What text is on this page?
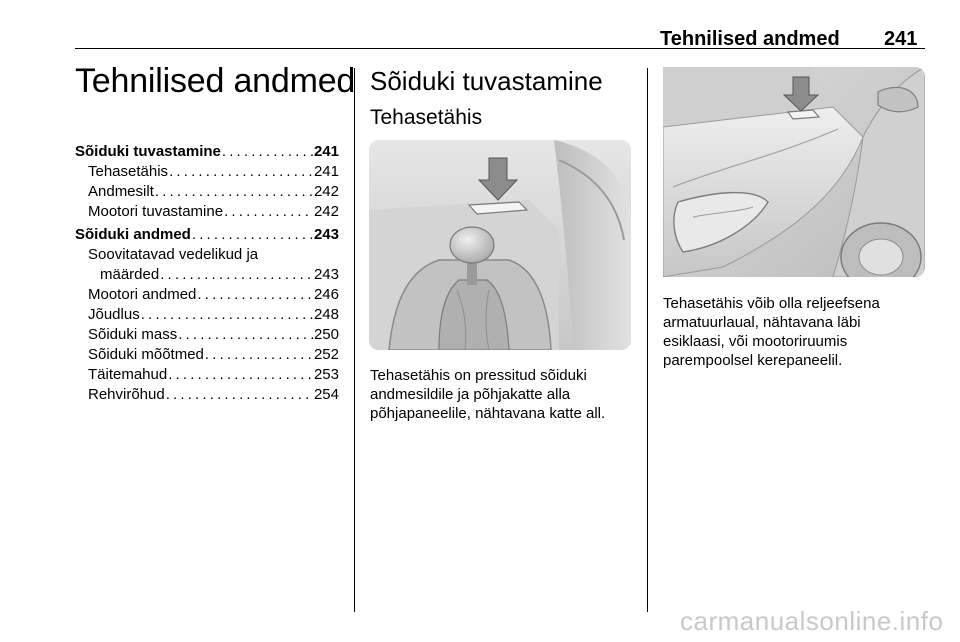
Tehnilised andmed 241
Tehnilised andmed
Sõiduki tuvastamine . . .	241
Tehasetähis . . .	241
Andmesilt . . .	242
Mootori tuvastamine . . .	242
Sõiduki andmed . . .	243
Soovitatavad vedelikud ja
määrded . . .	243
Mootori andmed . . .	246
Jõudlus . . .	248
Sõiduki mass . . .	250
Sõiduki mõõtmed . . .	252
Täitemahud . . .	253
Rehvirõhud . . .	254
Sõiduki tuvastamine
Tehasetähis
Tehasetähis on pressitud sõiduki andmesildile ja põhjakatte alla põhjapaneelile, nähtavana katte all.
Tehasetähis võib olla reljeefsena armatuurlaual, nähtavana läbi esiklaasi, või mootoriruumis parempoolsel kerepaneelil.
carmanualsonline.info
